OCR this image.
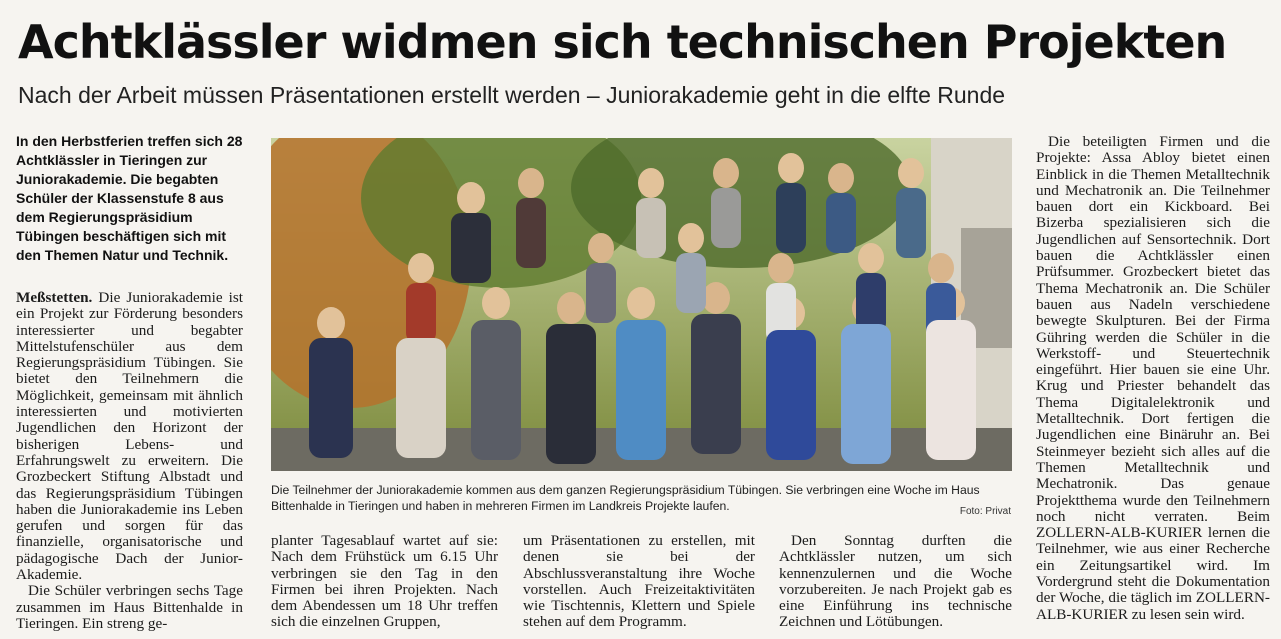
Achtklässler widmen sich technischen Projekten
Nach der Arbeit müssen Präsentationen erstellt werden – Juniorakademie geht in die elfte Runde

In den Herbstferien treffen sich 28 Achtklässler in Tieringen zur Juniorakademie. Die begabten Schüler der Klassenstufe 8 aus dem Regierungspräsidium Tübingen beschäftigen sich mit den Themen Natur und Technik.

Meßstetten. Die Juniorakademie ist ein Projekt zur Förderung besonders interessierter und begabter Mittelstufenschüler aus dem Regierungspräsidium Tübingen. Sie bietet den Teilnehmern die Möglichkeit, gemeinsam mit ähnlich interessierten und motivierten Jugendlichen den Horizont der bisherigen Lebens- und Erfahrungswelt zu erweitern. Die Grozbeckert Stiftung Albstadt und das Regierungspräsidium Tübingen haben die Juniorakademie ins Leben gerufen und sorgen für das finanzielle, organisatorische und pädagogische Dach der Junior-Akademie.

Die Schüler verbringen sechs Tage zusammen im Haus Bittenhalde in Tieringen. Ein streng ge-

Die Teilnehmer der Juniorakademie kommen aus dem ganzen Regierungspräsidium Tübingen. Sie verbringen eine Woche im Haus Bittenhalde in Tieringen und haben in mehreren Firmen im Landkreis Projekte laufen.	Foto: Privat

planter Tagesablauf wartet auf sie: Nach dem Frühstück um 6.15 Uhr verbringen sie den Tag in den Firmen bei ihren Projekten. Nach dem Abendessen um 18 Uhr treffen sich die einzelnen Gruppen,

um Präsentationen zu erstellen, mit denen sie bei der Abschlussveranstaltung ihre Woche vorstellen. Auch Freizeitaktivitäten wie Tischtennis, Klettern und Spiele stehen auf dem Programm.

Den Sonntag durften die Achtklässler nutzen, um sich kennenzulernen und die Woche vorzubereiten. Je nach Projekt gab es eine Einführung ins technische Zeichnen und Lötübungen.

Die beteiligten Firmen und die Projekte: Assa Abloy bietet einen Einblick in die Themen Metalltechnik und Mechatronik an. Die Teilnehmer bauen dort ein Kickboard. Bei Bizerba spezialisieren sich die Jugendlichen auf Sensortechnik. Dort bauen die Achtklässler einen Prüfsummer. Grozbeckert bietet das Thema Mechatronik an. Die Schüler bauen aus Nadeln verschiedene bewegte Skulpturen. Bei der Firma Gühring werden die Schüler in die Werkstoff- und Steuertechnik eingeführt. Hier bauen sie eine Uhr. Krug und Priester behandelt das Thema Digitalelektronik und Metalltechnik. Dort fertigen die Jugendlichen eine Binäruhr an. Bei Steinmeyer bezieht sich alles auf die Themen Metalltechnik und Mechatronik. Das genaue Projektthema wurde den Teilnehmern noch nicht verraten. Beim ZOLLERN-ALB-KURIER lernen die Teilnehmer, wie aus einer Recherche ein Zeitungsartikel wird. Im Vordergrund steht die Dokumentation der Woche, die täglich im ZOLLERN-ALB-KURIER zu lesen sein wird.
